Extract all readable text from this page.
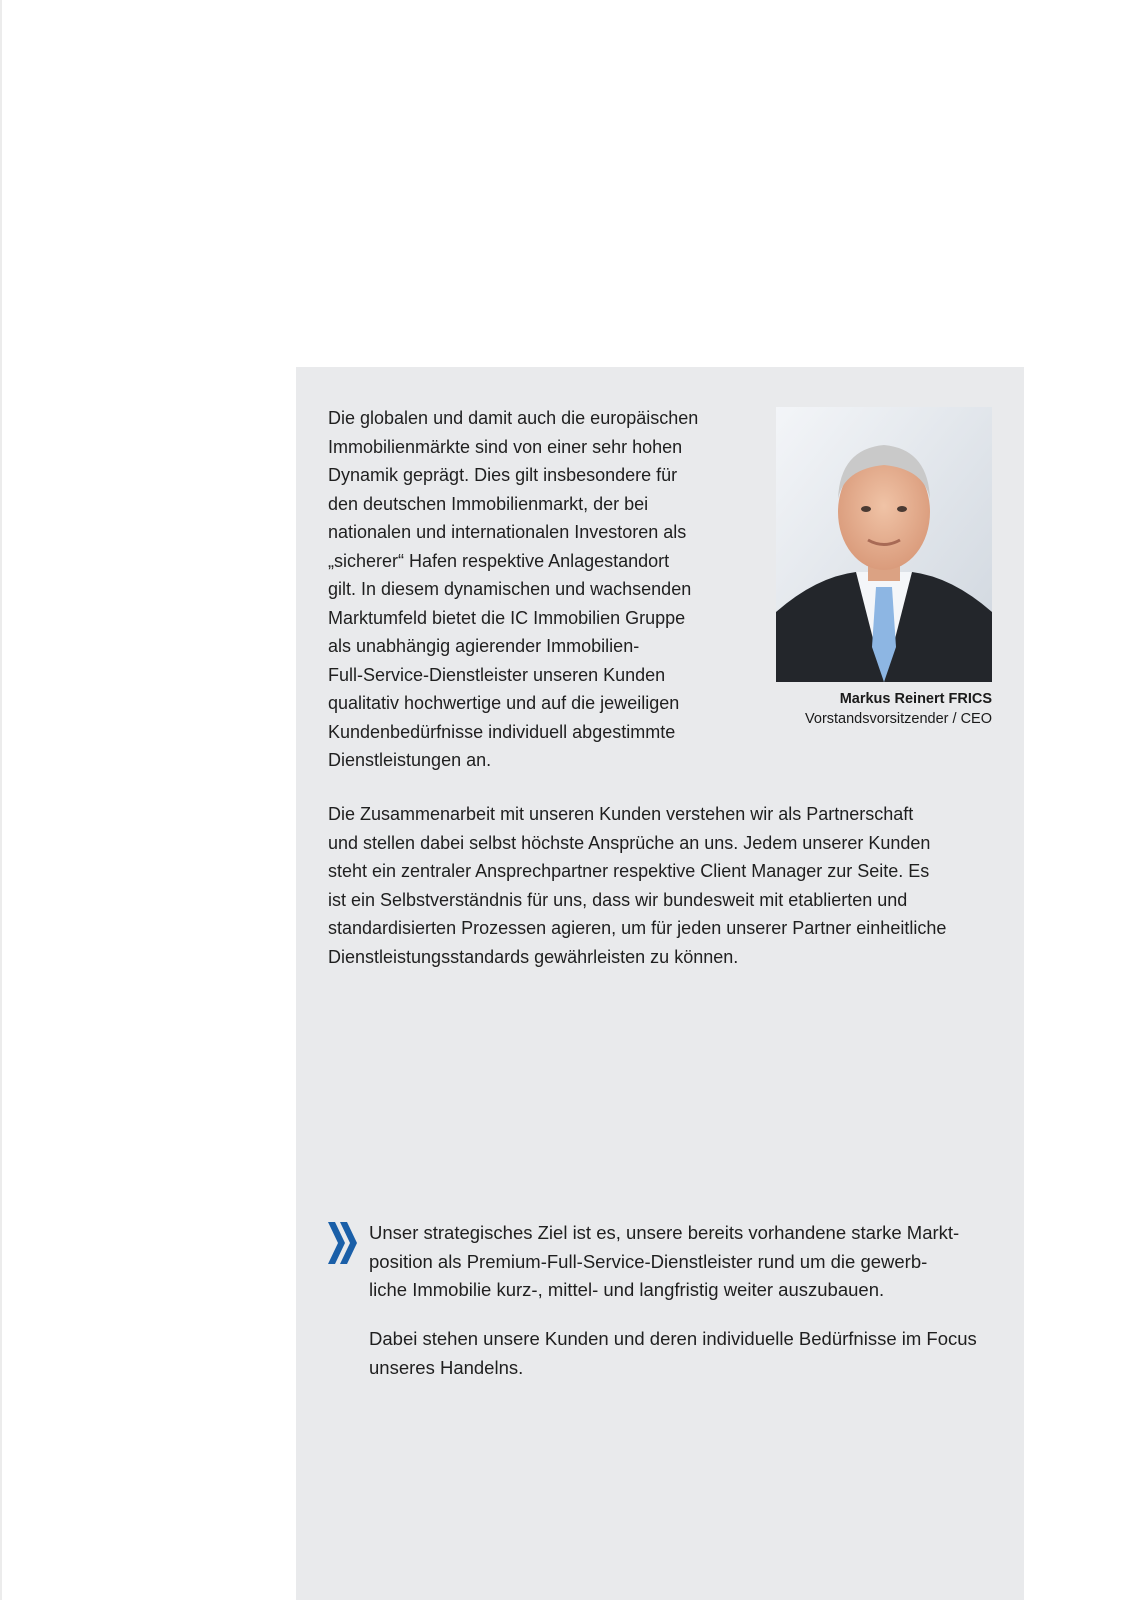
Die globalen und damit auch die europäischen
Immobilienmärkte sind von einer sehr hohen
Dynamik geprägt. Dies gilt insbesondere für
den deutschen Immobilienmarkt, der bei
nationalen und internationalen Investoren als
„sicherer“ Hafen respektive Anlagestandort
gilt. In diesem dynamischen und wachsenden
Marktumfeld bietet die IC Immobilien Gruppe
als unabhängig agierender Immobilien-
Full-Service-Dienstleister unseren Kunden
qualitativ hochwertige und auf die jeweiligen
Kundenbedürfnisse individuell abgestimmte
Dienstleistungen an.

Markus Reinert FRICS
Vorstandsvorsitzender / CEO

Die Zusammenarbeit mit unseren Kunden verstehen wir als Partnerschaft
und stellen dabei selbst höchste Ansprüche an uns. Jedem unserer Kunden
steht ein zentraler Ansprechpartner respektive Client Manager zur Seite. Es
ist ein Selbstverständnis für uns, dass wir bundesweit mit etablierten und
standardisierten Prozessen agieren, um für jeden unserer Partner einheitliche
Dienstleistungsstandards gewährleisten zu können.

Unser strategisches Ziel ist es, unsere bereits vorhandene starke Markt-
position als Premium-Full-Service-Dienstleister rund um die gewerb-
liche Immobilie kurz-, mittel- und langfristig weiter auszubauen.

Dabei stehen unsere Kunden und deren individuelle Bedürfnisse im Focus
unseres Handelns.
